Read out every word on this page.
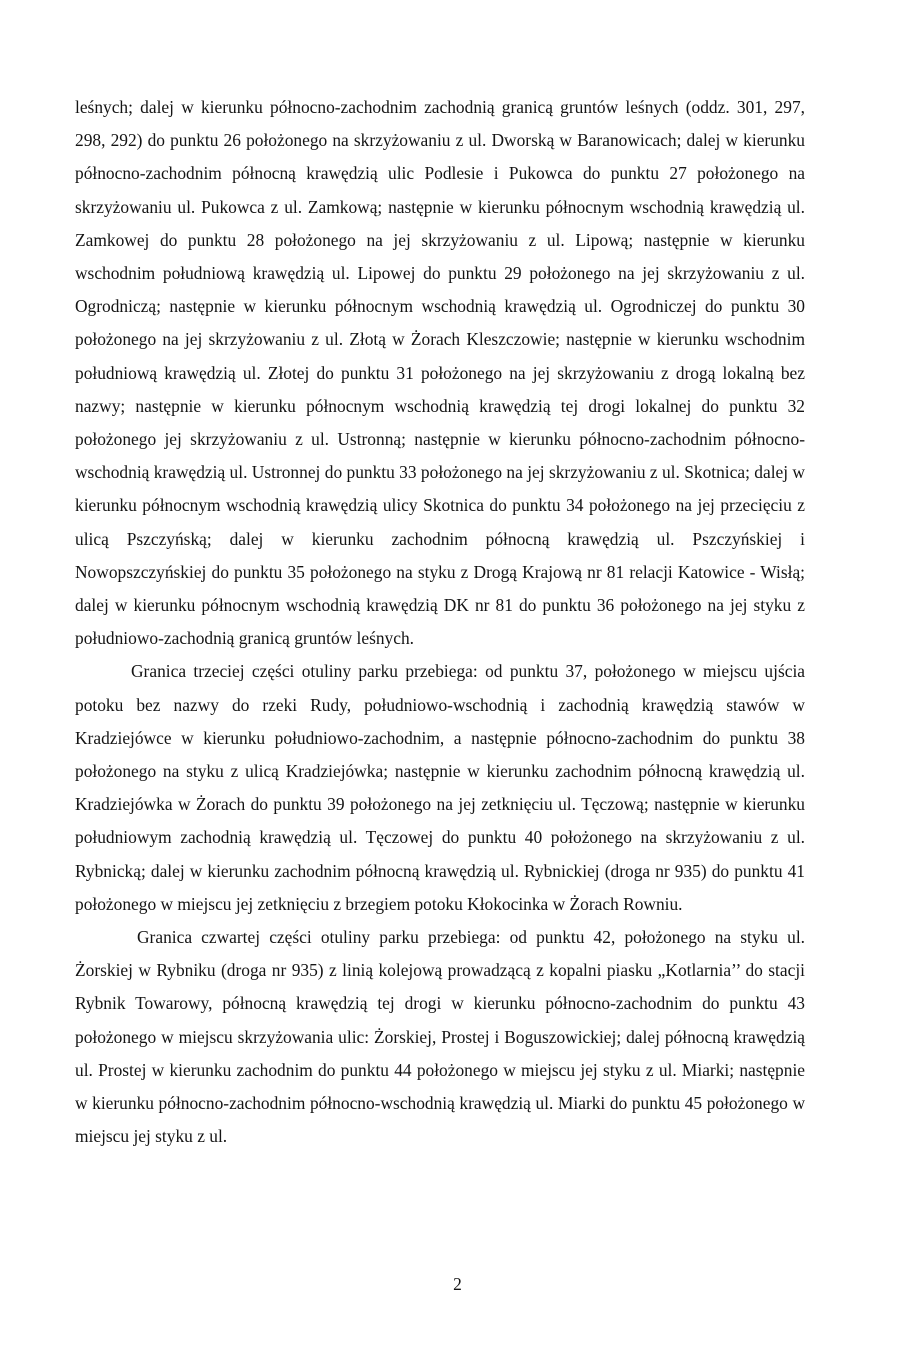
leśnych; dalej w kierunku północno-zachodnim zachodnią granicą gruntów leśnych (oddz. 301, 297, 298, 292) do punktu 26 położonego na skrzyżowaniu z ul. Dworską w Baranowicach; dalej w kierunku północno-zachodnim północną krawędzią ulic Podlesie i Pukowca do punktu 27 położonego na skrzyżowaniu ul. Pukowca z ul. Zamkową; następnie w kierunku północnym wschodnią krawędzią ul. Zamkowej do punktu 28 położonego na jej skrzyżowaniu z ul. Lipową; następnie w kierunku wschodnim południową krawędzią ul. Lipowej do punktu 29 położonego na jej skrzyżowaniu z ul. Ogrodniczą; następnie w kierunku północnym wschodnią krawędzią ul. Ogrodniczej do punktu 30 położonego na jej skrzyżowaniu z ul. Złotą w Żorach Kleszczowie; następnie w kierunku wschodnim południową krawędzią ul. Złotej do punktu 31 położonego na jej skrzyżowaniu z drogą lokalną bez nazwy; następnie w kierunku północnym wschodnią krawędzią tej drogi lokalnej do punktu 32 położonego jej skrzyżowaniu z ul. Ustronną; następnie w kierunku północno-zachodnim północno-wschodnią krawędzią ul. Ustronnej do punktu 33 położonego na jej skrzyżowaniu z ul. Skotnica; dalej w kierunku północnym wschodnią krawędzią ulicy Skotnica do punktu 34 położonego na jej przecięciu z ulicą Pszczyńską; dalej w kierunku zachodnim północną krawędzią ul. Pszczyńskiej i Nowopszczyńskiej do punktu 35 położonego na styku z Drogą Krajową nr 81 relacji Katowice - Wisłą; dalej w kierunku północnym wschodnią krawędzią DK nr 81 do punktu 36 położonego na jej styku z południowo-zachodnią granicą gruntów leśnych.

Granica trzeciej części otuliny parku przebiega: od punktu 37, położonego w miejscu ujścia potoku bez nazwy do rzeki Rudy, południowo-wschodnią i zachodnią krawędzią stawów w Kradziejówce w kierunku południowo-zachodnim, a następnie północno-zachodnim do punktu 38 położonego na styku z ulicą Kradziejówka; następnie w kierunku zachodnim północną krawędzią ul. Kradziejówka w Żorach do punktu 39 położonego na jej zetknięciu ul. Tęczową; następnie w kierunku południowym zachodnią krawędzią ul. Tęczowej do punktu 40 położonego na skrzyżowaniu z ul. Rybnicką; dalej w kierunku zachodnim północną krawędzią ul. Rybnickiej (droga nr 935) do punktu 41 położonego w miejscu jej zetknięciu z brzegiem potoku Kłokocinka w Żorach Rowniu.

Granica czwartej części otuliny parku przebiega: od punktu 42, położonego na styku ul. Żorskiej w Rybniku (droga nr 935) z linią kolejową prowadzącą z kopalni piasku „Kotlarnia’’ do stacji Rybnik Towarowy, północną krawędzią tej drogi w kierunku północno-zachodnim do punktu 43 położonego w miejscu skrzyżowania ulic: Żorskiej, Prostej i Boguszowickiej; dalej północną krawędzią ul. Prostej w kierunku zachodnim do punktu 44 położonego w miejscu jej styku z ul. Miarki; następnie w kierunku północno-zachodnim północno-wschodnią krawędzią ul. Miarki do punktu 45 położonego w miejscu jej styku z ul.

2
